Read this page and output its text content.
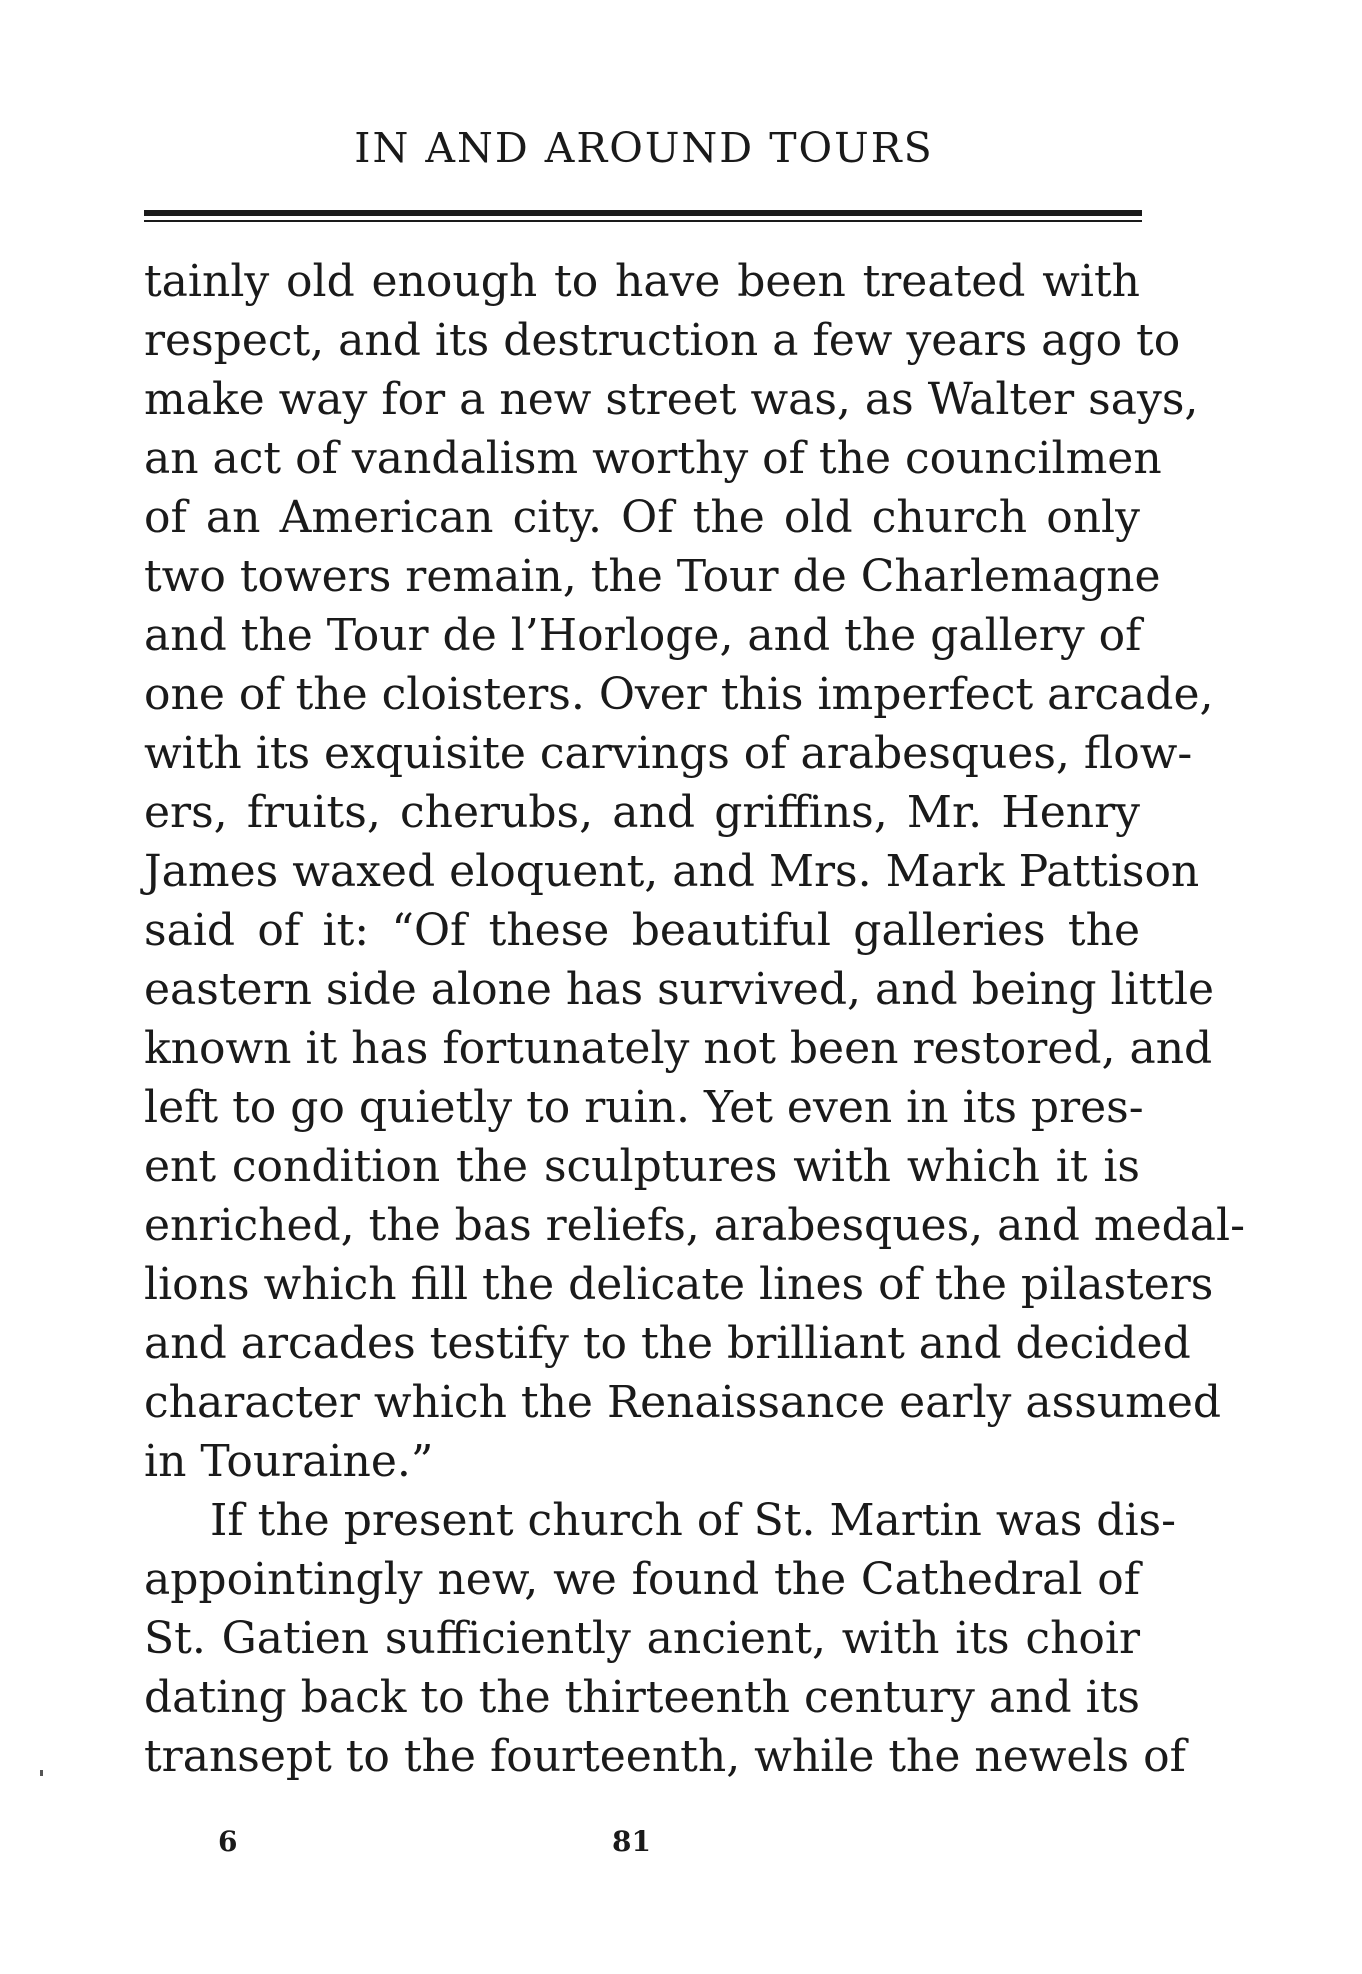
IN AND AROUND TOURS
tainly old enough to have been treated with
respect, and its destruction a few years ago to
make way for a new street was, as Walter says,
an act of vandalism worthy of the councilmen
of an American city. Of the old church only
two towers remain, the Tour de Charlemagne
and the Tour de l’Horloge, and the gallery of
one of the cloisters. Over this imperfect arcade,
with its exquisite carvings of arabesques, flow-
ers, fruits, cherubs, and griffins, Mr. Henry
James waxed eloquent, and Mrs. Mark Pattison
said of it: “Of these beautiful galleries the
eastern side alone has survived, and being little
known it has fortunately not been restored, and
left to go quietly to ruin. Yet even in its pres-
ent condition the sculptures with which it is
enriched, the bas reliefs, arabesques, and medal-
lions which fill the delicate lines of the pilasters
and arcades testify to the brilliant and decided
character which the Renaissance early assumed
in Touraine.”
If the present church of St. Martin was dis-
appointingly new, we found the Cathedral of
St. Gatien sufficiently ancient, with its choir
dating back to the thirteenth century and its
transept to the fourteenth, while the newels of
6	81
